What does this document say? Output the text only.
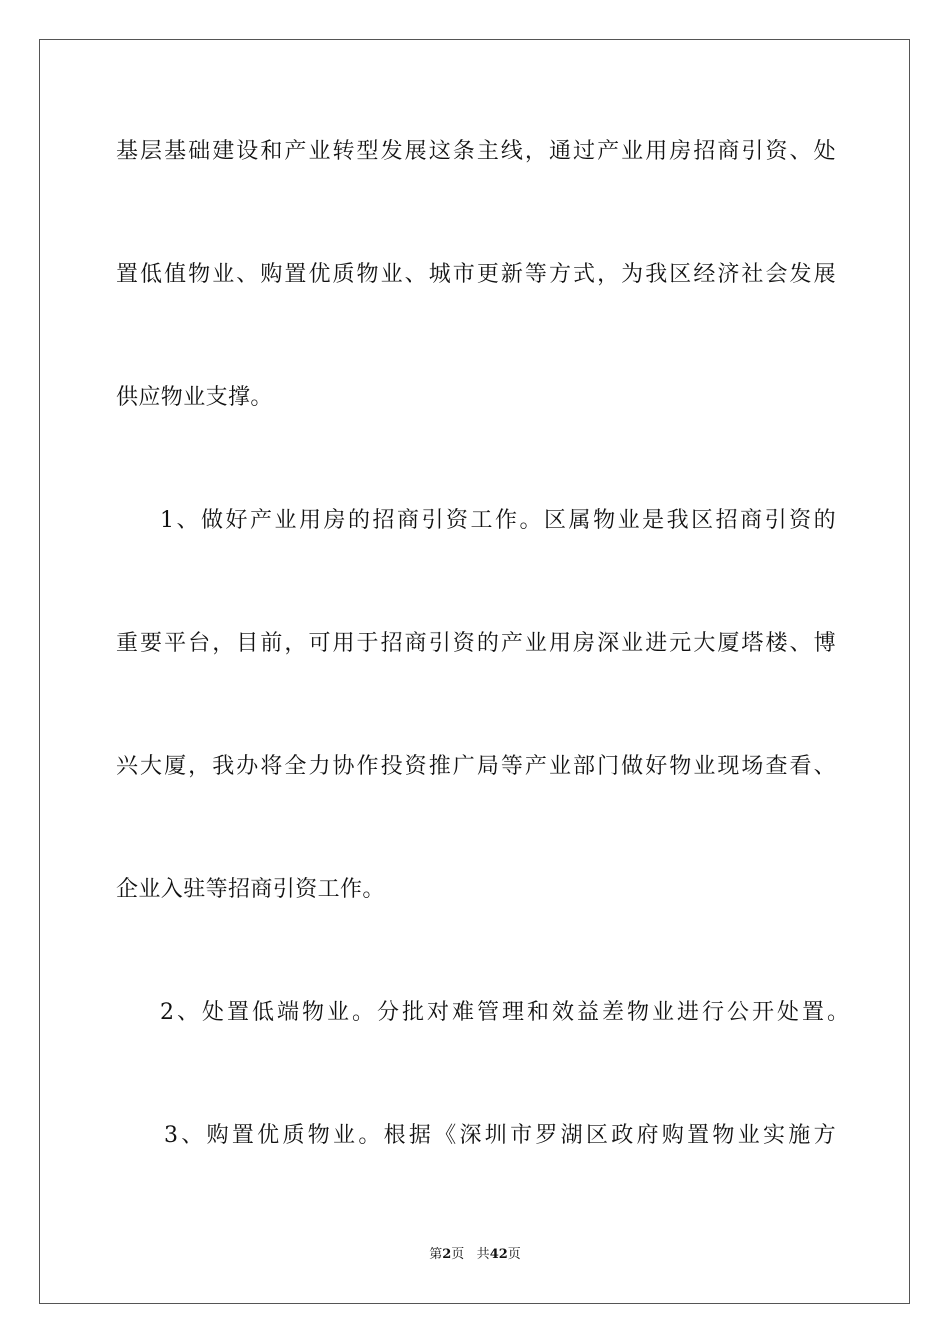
基层基础建设和产业转型发展这条主线，通过产业用房招商引资、处
置低值物业、购置优质物业、城市更新等方式，为我区经济社会发展
供应物业支撑。
1、做好产业用房的招商引资工作。区属物业是我区招商引资的
重要平台，目前，可用于招商引资的产业用房深业进元大厦塔楼、博
兴大厦，我办将全力协作投资推广局等产业部门做好物业现场查看、
企业入驻等招商引资工作。
2、处置低端物业。分批对难管理和效益差物业进行公开处置。
3、购置优质物业。根据《深圳市罗湖区政府购置物业实施方
第2页 共42页
